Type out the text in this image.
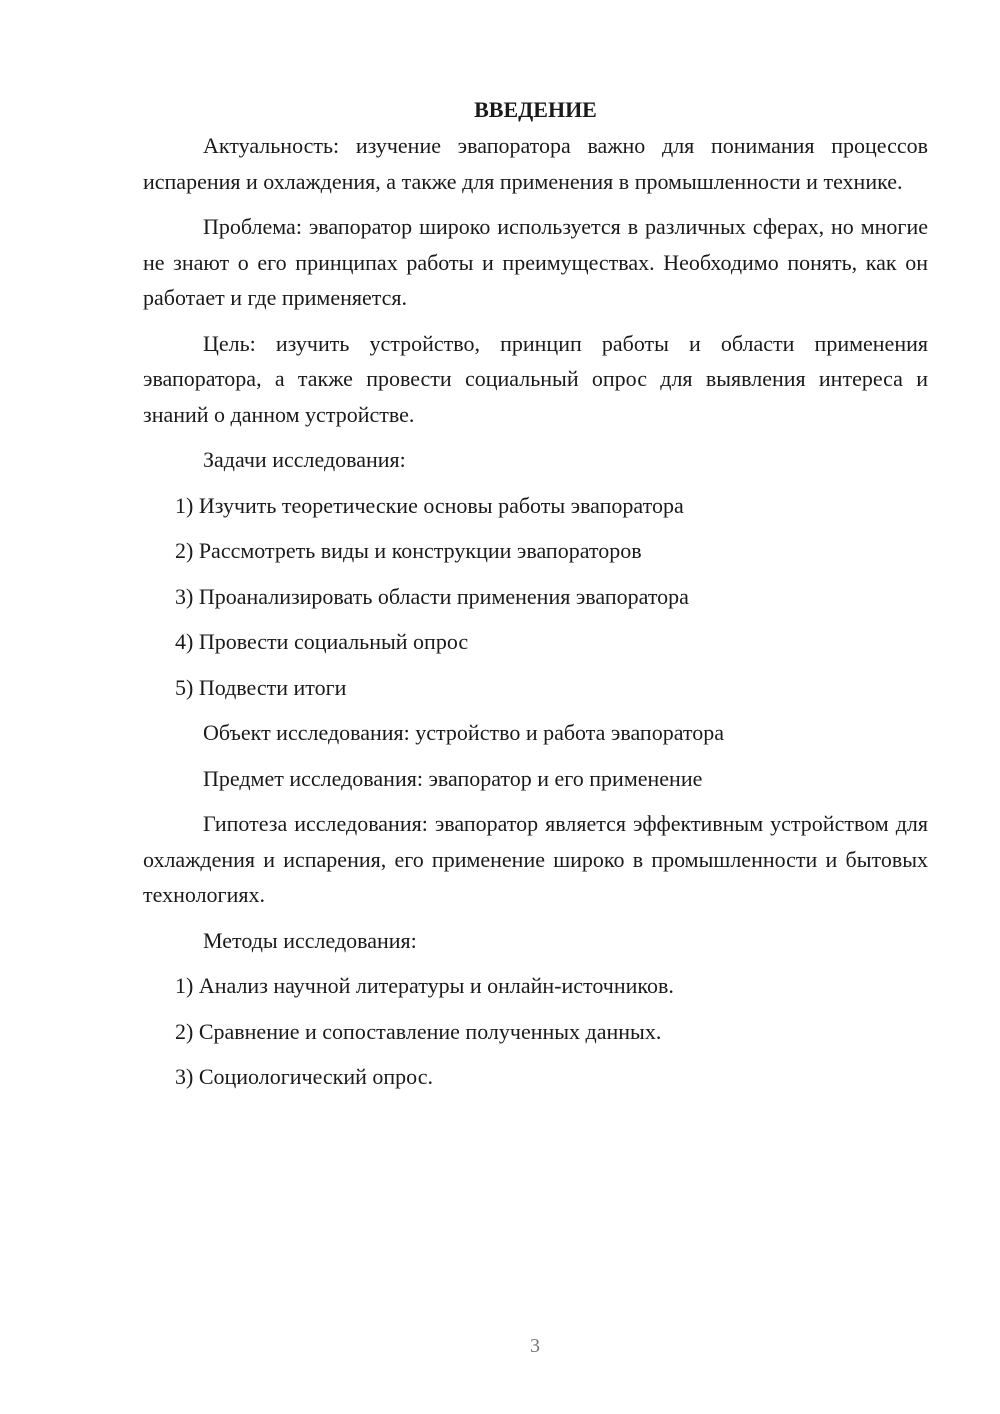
ВВЕДЕНИЕ

Актуальность: изучение эвапоратора важно для понимания процессов испарения и охлаждения, а также для применения в промышленности и технике.

Проблема: эвапоратор широко используется в различных сферах, но многие не знают о его принципах работы и преимуществах. Необходимо понять, как он работает и где применяется.

Цель: изучить устройство, принцип работы и области применения эвапоратора, а также провести социальный опрос для выявления интереса и знаний о данном устройстве.

Задачи исследования:
1) Изучить теоретические основы работы эвапоратора
2) Рассмотреть виды и конструкции эвапораторов
3) Проанализировать области применения эвапоратора
4) Провести социальный опрос
5) Подвести итоги
Объект исследования: устройство и работа эвапоратора
Предмет исследования: эвапоратор и его применение

Гипотеза исследования: эвапоратор является эффективным устройством для охлаждения и испарения, его применение широко в промышленности и бытовых технологиях.

Методы исследования:
1) Анализ научной литературы и онлайн-источников.
2) Сравнение и сопоставление полученных данных.
3) Социологический опрос.
3
